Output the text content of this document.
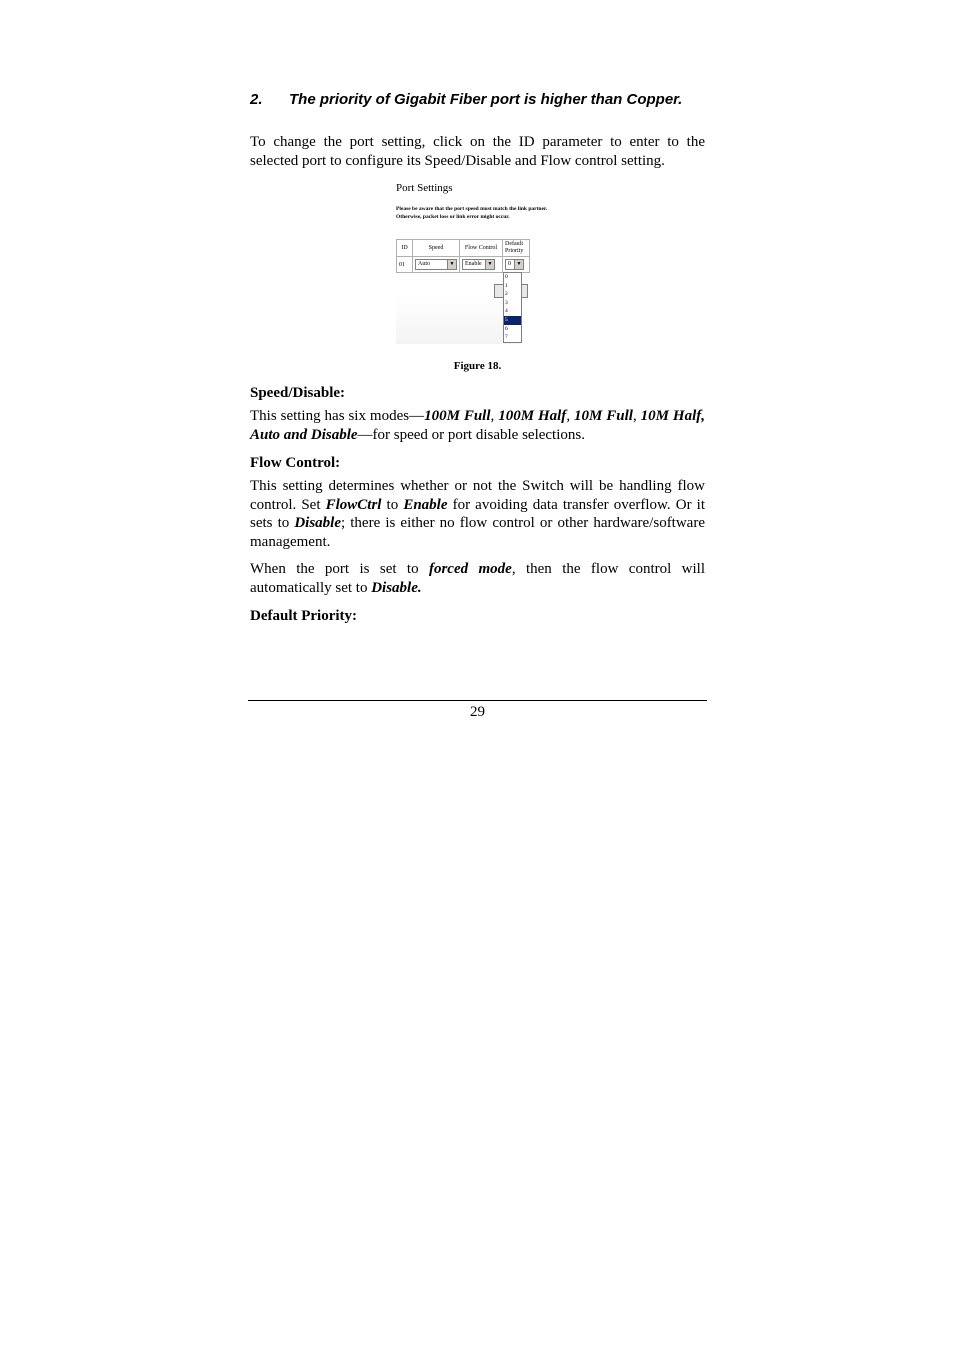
2. The priority of Gigabit Fiber port is higher than Copper.

To change the port setting, click on the ID parameter to enter to the selected port to configure its Speed/Disable and Flow control setting.

Port Settings
Please be aware that the port speed must match the link partner. Otherwise, packet loss or link error might occur.
ID	Speed	Flow Control	Default Priority
01	Auto ▼	Enable ▼	0 ▼
0
1
2
3
4
5
6
7
Figure 18.
Speed/Disable:

This setting has six modes—100M Full, 100M Half, 10M Full, 10M Half, Auto and Disable—for speed or port disable selections.

Flow Control:

This setting determines whether or not the Switch will be handling flow control. Set FlowCtrl to Enable for avoiding data transfer overflow. Or it sets to Disable; there is either no flow control or other hardware/software management.

When the port is set to forced mode, then the flow control will automatically set to Disable.

Default Priority:
29
